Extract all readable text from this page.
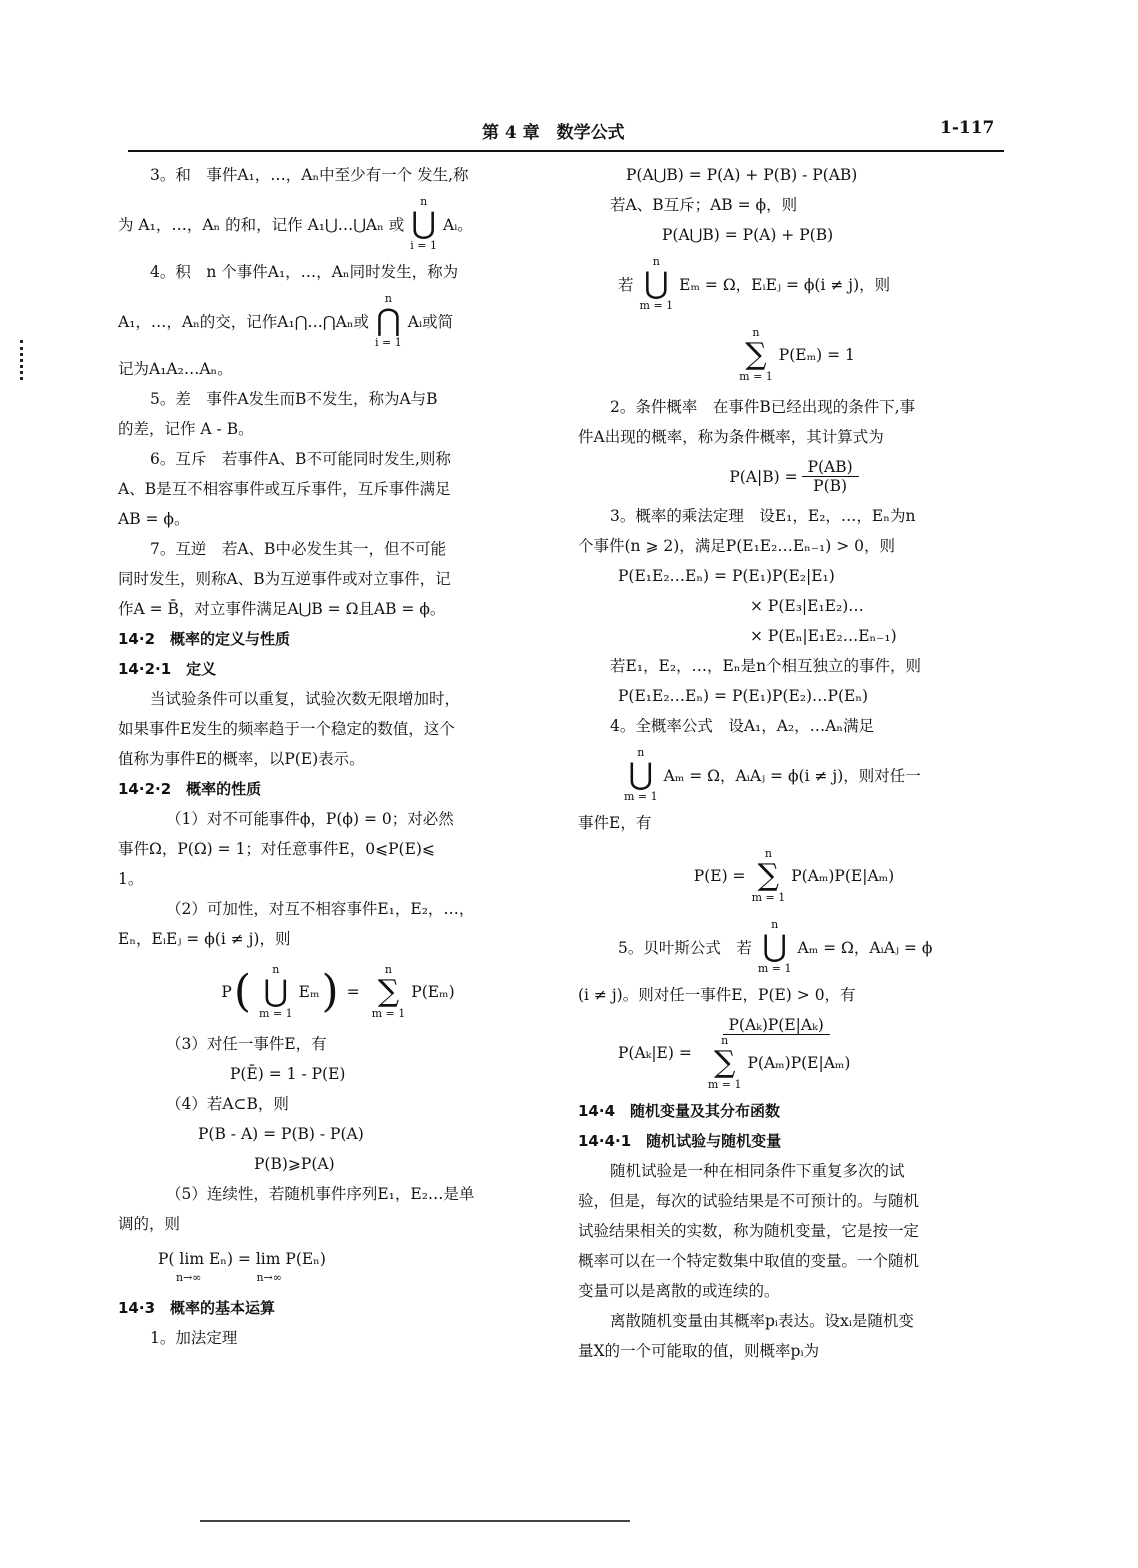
第 4 章　数学公式	1-117
3。和　事件A₁，…，Aₙ中至少有一个 发生,称
为 A₁，…，Aₙ 的和，记作 A₁⋃…⋃Aₙ 或
n
⋃
i = 1
Aᵢ。
4。积　n 个事件A₁，…，Aₙ同时发生，称为
A₁，…，Aₙ的交，记作A₁⋂…⋂Aₙ或
n
⋂
i = 1
Aᵢ或简
记为A₁A₂…Aₙ。
5。差　事件A发生而B不发生，称为A与B
的差，记作 A - B。
6。互斥　若事件A、B不可能同时发生,则称
A、B是互不相容事件或互斥事件，互斥事件满足
AB = ϕ。
7。互逆　若A、B中必发生其一，但不可能
同时发生，则称A、B为互逆事件或对立事件，记
作A = B̄，对立事件满足A⋃B = Ω且AB = ϕ。
14·2　概率的定义与性质
14·2·1　定义
当试验条件可以重复，试验次数无限增加时，
如果事件E发生的频率趋于一个稳定的数值，这个
值称为事件E的概率，以P(E)表示。
14·2·2　概率的性质
（1）对不可能事件ϕ，P(ϕ) = 0；对必然
事件Ω，P(Ω) = 1；对任意事件E，0⩽P(E)⩽
1。
（2）可加性，对互不相容事件E₁，E₂，…，
Eₙ，EᵢEⱼ = ϕ(i ≠ j)，则
P ( n
⋃
m = 1
Eₘ ) =
n
∑
m = 1
P(Eₘ)
（3）对任一事件E，有
P(Ē) = 1 - P(E)
（4）若A⊂B，则
P(B - A) = P(B) - P(A)
P(B)⩾P(A)
（5）连续性，若随机事件序列E₁，E₂…是单
调的，则
P( lim Eₙ) = lim P(Eₙ)
n→∞　　　　　n→∞
14·3　概率的基本运算
1。加法定理
P(A⋃B) = P(A) + P(B) - P(AB)
若A、B互斥；AB = ϕ，则
P(A⋃B) = P(A) + P(B)
若
n
⋃
m = 1
Eₘ = Ω，EᵢEⱼ = ϕ(i ≠ j)，则
n
∑
m = 1
P(Eₘ) = 1
2。条件概率　在事件B已经出现的条件下,事
件A出现的概率，称为条件概率，其计算式为
$P(A|B) = \frac{P(AB)}{P(B)}$
3。概率的乘法定理　设E₁，E₂，…，Eₙ为n
个事件(n ⩾ 2)，满足P(E₁E₂…Eₙ₋₁) > 0，则
P(E₁E₂…Eₙ) = P(E₁)P(E₂|E₁)
× P(E₃|E₁E₂)…
× P(Eₙ|E₁E₂…Eₙ₋₁)
若E₁，E₂，…，Eₙ是n个相互独立的事件，则
P(E₁E₂…Eₙ) = P(E₁)P(E₂)…P(Eₙ)
4。全概率公式　设A₁，A₂，…Aₙ满足
n
⋃
m = 1
Aₘ = Ω，AᵢAⱼ = ϕ(i ≠ j)，则对任一
事件E，有
P(E) =
n
∑
m = 1
P(Aₘ)P(E|Aₘ)
5。贝叶斯公式　若
n
⋃
m = 1
Aₘ = Ω，AᵢAⱼ = ϕ
(i ≠ j)。则对任一事件E，P(E) > 0，有
P(Aₖ|E) = P(Aₖ)P(E|Aₖ)
n
∑
m = 1
P(Aₘ)P(E|Aₘ)
14·4　随机变量及其分布函数
14·4·1　随机试验与随机变量
随机试验是一种在相同条件下重复多次的试
验，但是，每次的试验结果是不可预计的。与随机
试验结果相关的实数，称为随机变量，它是按一定
概率可以在一个特定数集中取值的变量。一个随机
变量可以是离散的或连续的。
离散随机变量由其概率pᵢ表达。设xᵢ是随机变
量X的一个可能取的值，则概率pᵢ为
